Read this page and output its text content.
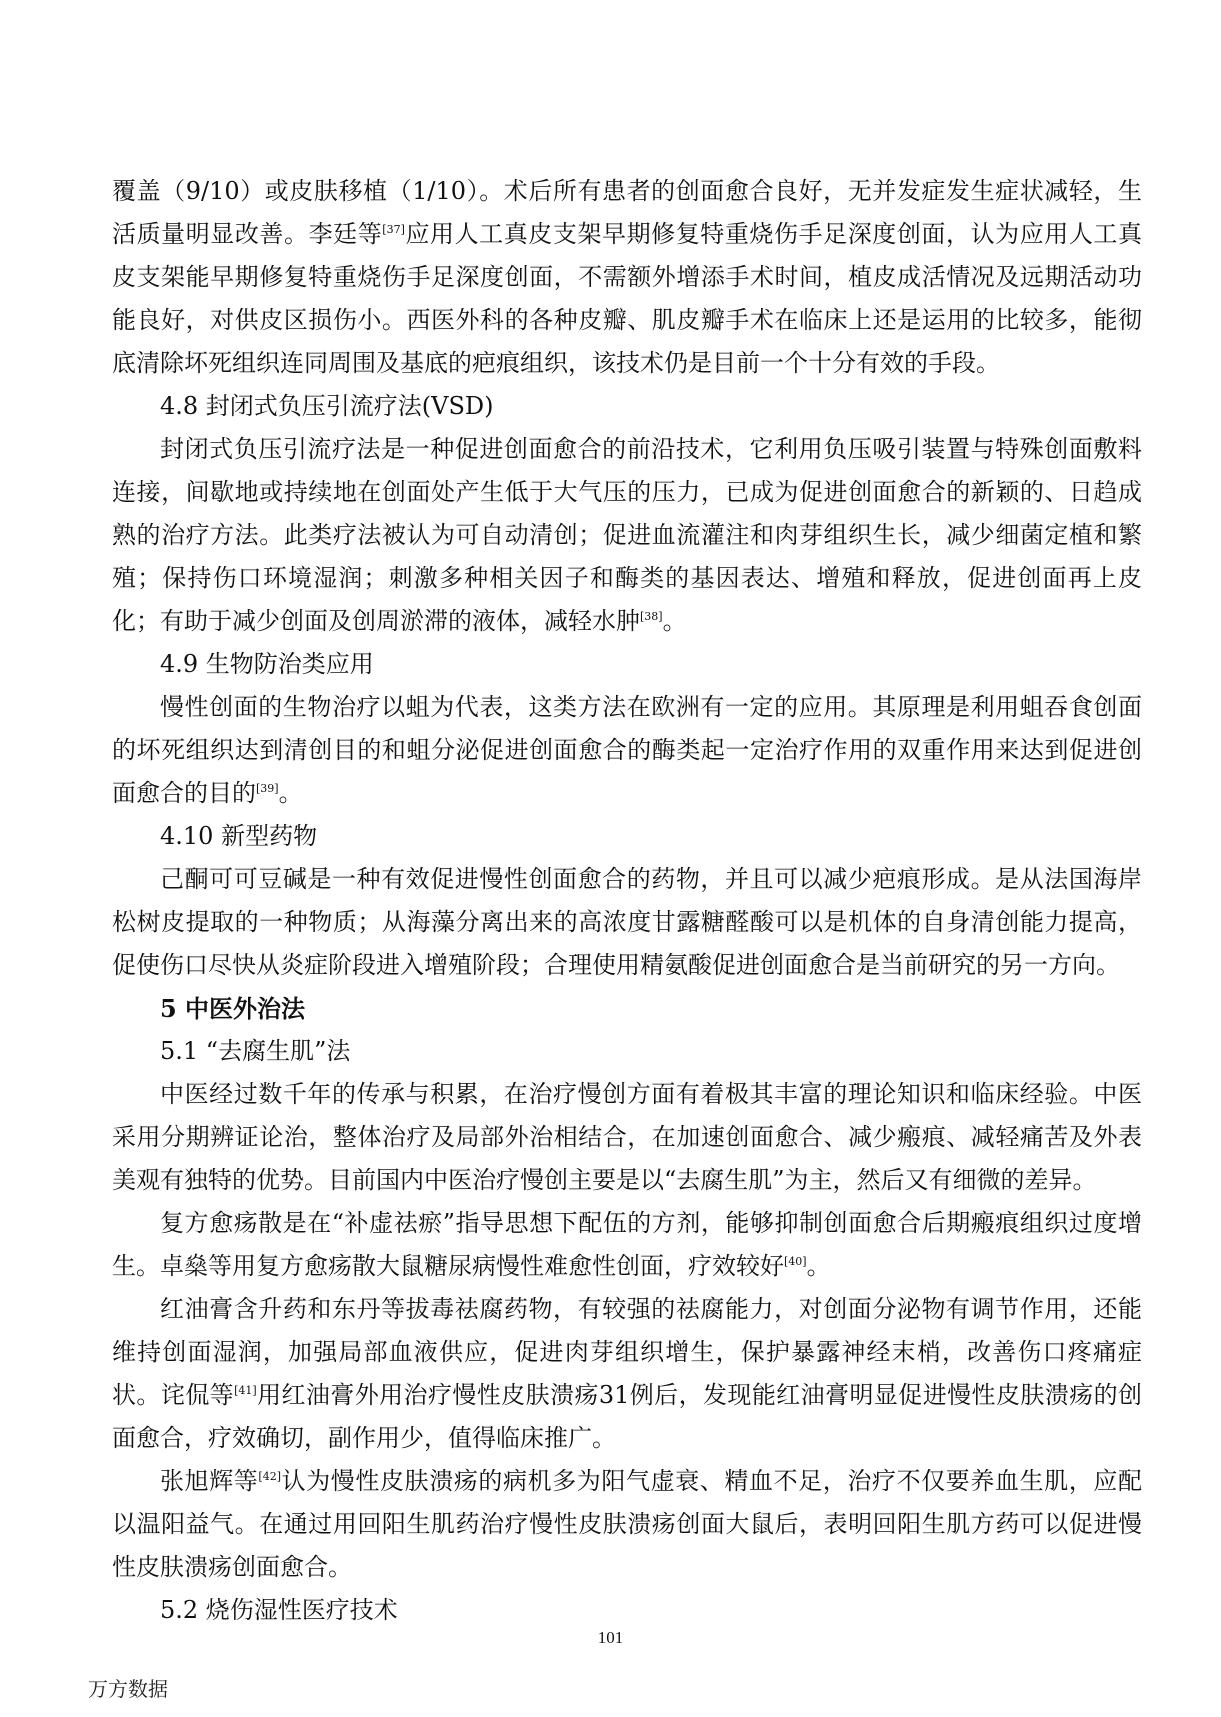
覆盖（9/10）或皮肤移植（1/10）。术后所有患者的创面愈合良好，无并发症发生症状减轻，生活质量明显改善。李廷等[37]应用人工真皮支架早期修复特重烧伤手足深度创面，认为应用人工真皮支架能早期修复特重烧伤手足深度创面，不需额外增添手术时间，植皮成活情况及远期活动功能良好，对供皮区损伤小。西医外科的各种皮瓣、肌皮瓣手术在临床上还是运用的比较多，能彻底清除坏死组织连同周围及基底的疤痕组织，该技术仍是目前一个十分有效的手段。

4.8 封闭式负压引流疗法(VSD)

封闭式负压引流疗法是一种促进创面愈合的前沿技术，它利用负压吸引装置与特殊创面敷料连接，间歇地或持续地在创面处产生低于大气压的压力，已成为促进创面愈合的新颖的、日趋成熟的治疗方法。此类疗法被认为可自动清创；促进血流灌注和肉芽组织生长，减少细菌定植和繁殖；保持伤口环境湿润；刺激多种相关因子和酶类的基因表达、增殖和释放，促进创面再上皮化；有助于减少创面及创周淤滞的液体，减轻水肿[38]。

4.9 生物防治类应用

慢性创面的生物治疗以蛆为代表，这类方法在欧洲有一定的应用。其原理是利用蛆吞食创面的坏死组织达到清创目的和蛆分泌促进创面愈合的酶类起一定治疗作用的双重作用来达到促进创面愈合的目的[39]。

4.10 新型药物

己酮可可豆碱是一种有效促进慢性创面愈合的药物，并且可以减少疤痕形成。是从法国海岸松树皮提取的一种物质；从海藻分离出来的高浓度甘露糖醛酸可以是机体的自身清创能力提高，促使伤口尽快从炎症阶段进入增殖阶段；合理使用精氨酸促进创面愈合是当前研究的另一方向。

5 中医外治法

5.1 “去腐生肌”法

中医经过数千年的传承与积累，在治疗慢创方面有着极其丰富的理论知识和临床经验。中医采用分期辨证论治，整体治疗及局部外治相结合，在加速创面愈合、减少瘢痕、减轻痛苦及外表美观有独特的优势。目前国内中医治疗慢创主要是以“去腐生肌”为主，然后又有细微的差异。

复方愈疡散是在“补虚祛瘀”指导思想下配伍的方剂，能够抑制创面愈合后期瘢痕组织过度增生。卓燊等用复方愈疡散大鼠糖尿病慢性难愈性创面，疗效较好[40]。

红油膏含升药和东丹等拔毒祛腐药物，有较强的祛腐能力，对创面分泌物有调节作用，还能维持创面湿润，加强局部血液供应，促进肉芽组织增生，保护暴露神经末梢，改善伤口疼痛症状。诧侃等[41]用红油膏外用治疗慢性皮肤溃疡31例后，发现能红油膏明显促进慢性皮肤溃疡的创面愈合，疗效确切，副作用少，值得临床推广。

张旭辉等[42]认为慢性皮肤溃疡的病机多为阳气虚衰、精血不足，治疗不仅要养血生肌，应配以温阳益气。在通过用回阳生肌药治疗慢性皮肤溃疡创面大鼠后，表明回阳生肌方药可以促进慢性皮肤溃疡创面愈合。

5.2 烧伤湿性医疗技术

101
万方数据
